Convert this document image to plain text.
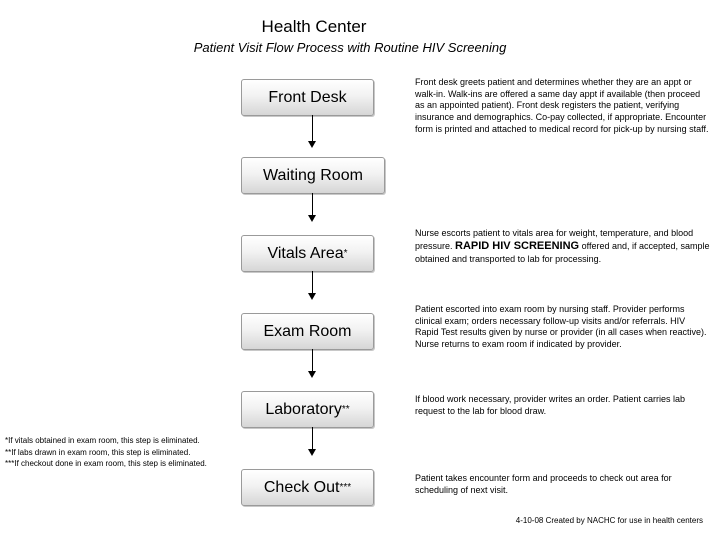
Health Center
Patient Visit Flow Process with Routine HIV Screening
Front Desk
Waiting Room
Vitals Area *
Exam Room
Laboratory **
Check Out ***
Front desk greets patient and determines whether they are an appt or walk-in. Walk-ins are offered a same day appt if available (then proceed as an appointed patient). Front desk registers the patient, verifying insurance and demographics. Co-pay collected, if appropriate. Encounter form is printed and attached to medical record for pick-up by nursing staff.
Nurse escorts patient to vitals area for weight, temperature, and blood pressure. RAPID HIV SCREENING offered and, if accepted, sample obtained and transported to lab for processing.
Patient escorted into exam room by nursing staff. Provider performs clinical exam; orders necessary follow-up visits and/or referrals. HIV Rapid Test results given by nurse or provider (in all cases when reactive). Nurse returns to exam room if indicated by provider.
If blood work necessary, provider writes an order. Patient carries lab request to the lab for blood draw.
Patient takes encounter form and proceeds to check out area for scheduling of next visit.
*If vitals obtained in exam room, this step is eliminated.
**If labs drawn in exam room, this step is eliminated.
***If checkout done in exam room, this step is eliminated.
4-10-08 Created by NACHC for use in health centers
